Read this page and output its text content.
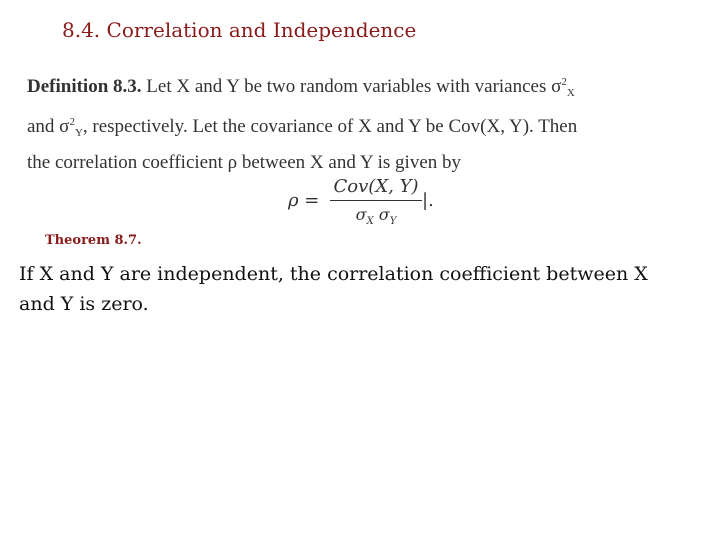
8.4. Correlation and Independence
Definition 8.3. Let X and Y be two random variables with variances $\sigma^2_X$
and $\sigma^2_Y$, respectively. Let the covariance of X and Y be Cov(X, Y). Then
the correlation coefficient ρ between X and Y is given by
ρ =
Cov(X, Y)
$\sigma_X$ $\sigma_Y$
|.
Theorem 8.7.
If X and Y are independent, the correlation coefficient between X and Y is zero.
